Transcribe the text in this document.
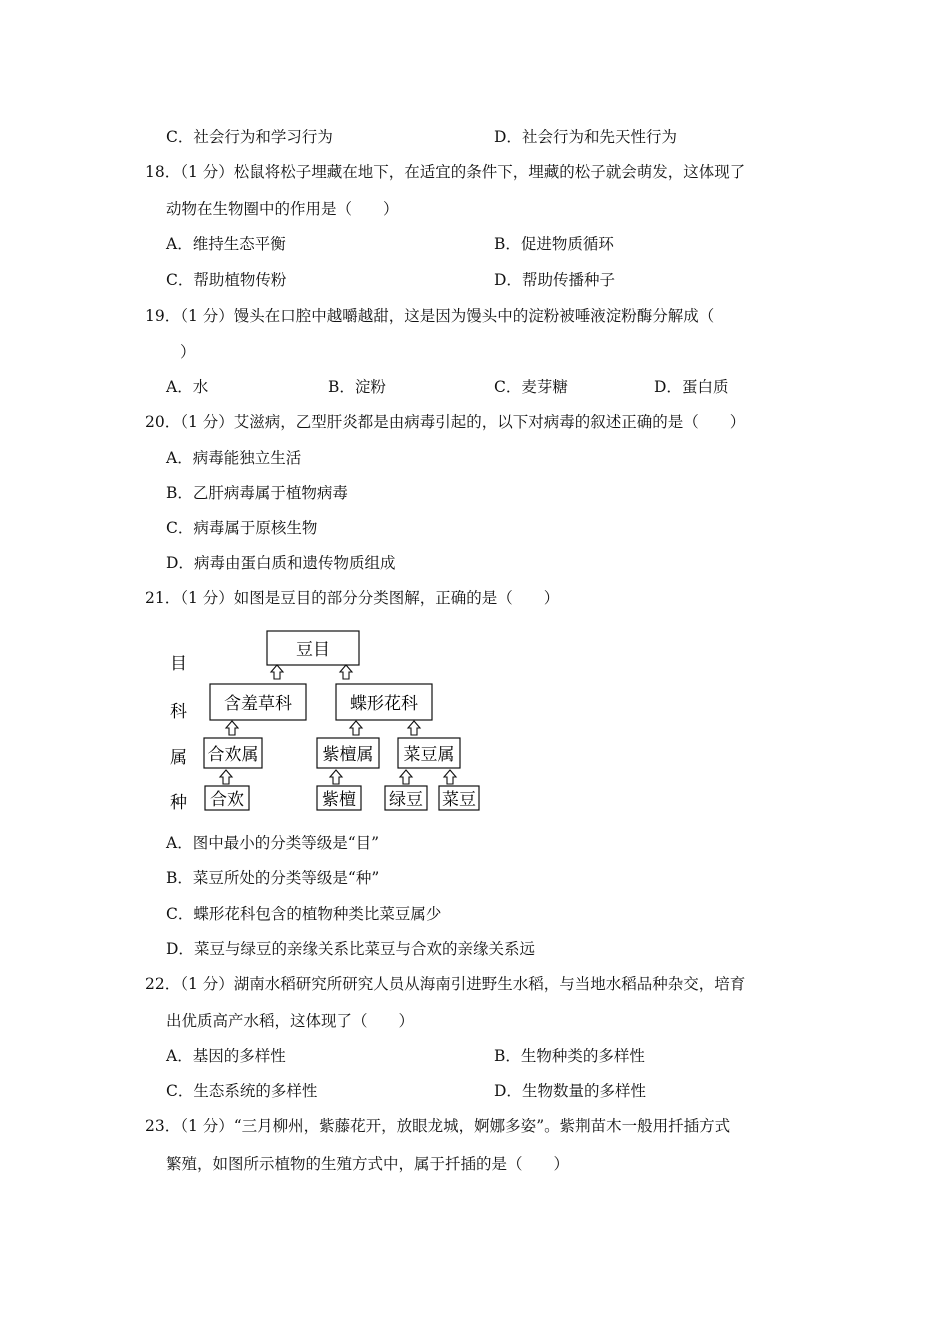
C．社会行为和学习行为	D．社会行为和先天性行为
18．（1 分）松鼠将松子埋藏在地下，在适宜的条件下，埋藏的松子就会萌发，这体现了
动物在生物圈中的作用是（　　）
A．维持生态平衡	B．促进物质循环
C．帮助植物传粉	D．帮助传播种子
19．（1 分）馒头在口腔中越嚼越甜，这是因为馒头中的淀粉被唾液淀粉酶分解成（
）
A．水	B．淀粉	C．麦芽糖	D．蛋白质
20．（1 分）艾滋病，乙型肝炎都是由病毒引起的，以下对病毒的叙述正确的是（　　）
A．病毒能独立生活
B．乙肝病毒属于植物病毒
C．病毒属于原核生物
D．病毒由蛋白质和遗传物质组成
21．（1 分）如图是豆目的部分分类图解，正确的是（　　）
目
科
属
种
豆目
含羞草科	蝶形花科
合欢属	紫檀属 菜豆属
合欢	紫檀 绿豆 菜豆
A．图中最小的分类等级是“目”
B．菜豆所处的分类等级是“种”
C．蝶形花科包含的植物种类比菜豆属少
D．菜豆与绿豆的亲缘关系比菜豆与合欢的亲缘关系远
22．（1 分）湖南水稻研究所研究人员从海南引进野生水稻，与当地水稻品种杂交，培育
出优质高产水稻，这体现了（　　）
A．基因的多样性	B．生物种类的多样性
C．生态系统的多样性	D．生物数量的多样性
23．（1 分）“三月柳州，紫藤花开，放眼龙城，婀娜多姿”。紫荆苗木一般用扦插方式
繁殖，如图所示植物的生殖方式中，属于扦插的是（　　）
